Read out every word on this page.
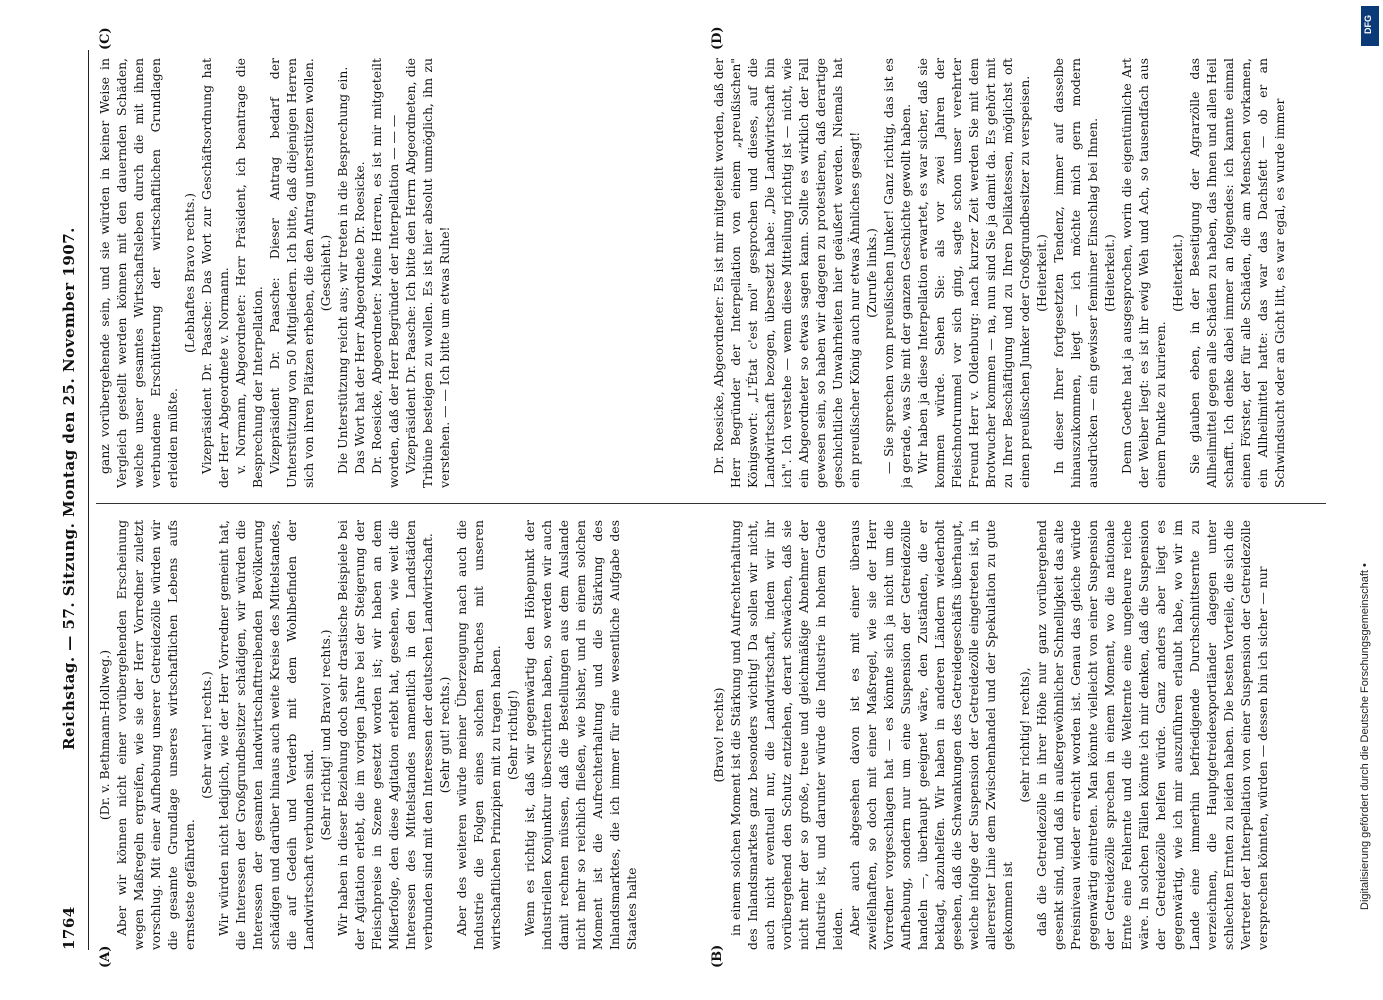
1764
Reichstag. — 57. Sitzung. Montag den 25. November 1907.
(A)	(B)
(C)	(D)

(Dr. v. Bethmann-Hollweg.) Aber wir können nicht einer vorübergehenden Erscheinung wegen Maßregeln ergreifen, wie sie der Herr Vorredner zuletzt vorschlug. Mit einer Aufhebung unserer Getreidezölle würden wir die gesamte Grundlage unseres wirtschaftlichen Lebens aufs ernsteste gefährden.

(Sehr wahr! rechts.) Wir würden nicht lediglich, wie der Herr Vorredner gemeint hat, die Interessen der Großgrundbesitzer schädigen, wir würden die Interessen der gesamten landwirtschafttreibenden Bevölkerung schädigen und darüber hinaus auch weite Kreise des Mittelstandes, die auf Gedeih und Verderb mit dem Wohlbefinden der Landwirtschaft verbunden sind.

(Sehr richtig! und Bravo! rechts.) Wir haben in dieser Beziehung doch sehr drastische Beispiele bei der Agitation erlebt, die im vorigen Jahre bei der Steigerung der Fleischpreise in Szene gesetzt worden ist; wir haben an dem Mißerfolge, den diese Agitation erlebt hat, gesehen, wie weit die Interessen des Mittelstandes namentlich in den Landstädten verbunden sind mit den Interessen der deutschen Landwirtschaft. (Sehr gut! rechts.) Aber des weiteren würde meiner Überzeugung nach auch die Industrie die Folgen eines solchen Bruches mit unseren wirtschaftlichen Prinzipien mit zu tragen haben. (Sehr richtig!) Wenn es richtig ist, daß wir gegenwärtig den Höhepunkt der industriellen Konjunktur überschritten haben, so werden wir auch damit rechnen müssen, daß die Bestellungen aus dem Auslande nicht mehr so reichlich fließen, wie bisher, und in einem solchen Moment ist die Aufrechterhaltung und die Stärkung des Inlandsmarktes, die ich immer für eine wesentliche Aufgabe des Staates halte

(Bravo! rechts) in einem solchen Moment ist die Stärkung und Aufrechterhaltung des Inlandsmarktes ganz besonders wichtig! Da sollen wir nicht, auch nicht eventuell nur, die Landwirtschaft, indem wir ihr vorübergehend den Schutz entziehen, derart schwächen, daß sie nicht mehr der so große, treue und gleichmäßige Abnehmer der Industrie ist, und darunter würde die Industrie in hohem Grade leiden. Aber auch abgesehen davon ist es mit einer überaus zweifelhaften, so doch mit einer Maßregel, wie sie der Herr Vorredner vorgeschlagen hat — es könnte sich ja nicht um die Aufhebung, sondern nur um eine Suspension der Getreidezölle handeln —, überhaupt geeignet wäre, den Zuständen, die er beklagt, abzuhelfen. Wir haben in anderen Ländern wiederholt gesehen, daß die Schwankungen des Getreidegeschäfts überhaupt, welche infolge der Suspension der Getreidezölle eingetreten ist, in allererster Linie dem Zwischenhandel und der Spekulation zu gute gekommen ist

(sehr richtig! rechts), daß die Getreidezölle in ihrer Höhe nur ganz vorübergehend gesenkt sind, und daß in außergewöhnlicher Schnelligkeit das alte Preisniveau wieder erreicht worden ist. Genau das gleiche würde gegenwärtig eintreten. Man könnte vielleicht von einer Suspension der Getreidezölle sprechen in einem Moment, wo die nationale Ernte eine Fehlernte und die Welternte eine ungeheure reiche wäre. In solchen Fällen könnte ich mir denken, daß die Suspension der Getreidezölle helfen würde. Ganz anders aber liegt es gegenwärtig, wie ich mir auszuführen erlaubt habe, wo wir im Lande eine immerhin befriedigende Durchschnittsernte zu verzeichnen, die Hauptgetreideexportländer dagegen unter schlechten Ernten zu leiden haben. Die besten Vorteile, die sich die Vertreter der Interpellation von einer Suspension der Getreidezölle versprechen könnten, würden — dessen bin ich sicher — nur

ganz vorübergehende sein, und sie würden in keiner Weise in Vergleich gestellt werden können mit den dauernden Schäden, welche unser gesamtes Wirtschaftsleben durch die mit ihnen verbundene Erschütterung der wirtschaftlichen Grundlagen erleiden müßte.

(Lebhaftes Bravo rechts.) Vizepräsident Dr. Paasche: Das Wort zur Geschäftsordnung hat der Herr Abgeordnete v. Normann. v. Normann, Abgeordneter: Herr Präsident, ich beantrage die Besprechung der Interpellation. Vizepräsident Dr. Paasche: Dieser Antrag bedarf der Unterstützung von 50 Mitgliedern. Ich bitte, daß diejenigen Herren sich von ihren Plätzen erheben, die den Antrag unterstützen wollen. (Geschieht.) Die Unterstützung reicht aus; wir treten in die Besprechung ein. Das Wort hat der Herr Abgeordnete Dr. Roesicke. Dr. Roesicke, Abgeordneter: Meine Herren, es ist mir mitgeteilt worden, daß der Herr Begründer der Interpellation — — — Vizepräsident Dr. Paasche: Ich bitte den Herrn Abgeordneten, die Tribüne besteigen zu wollen. Es ist hier absolut unmöglich, ihn zu verstehen. — — Ich bitte um etwas Ruhe!	Dr. Roesicke, Abgeordneter: Es ist mir mitgeteilt worden, daß der Herr Begründer der Interpellation von einem „preußischen" Königswort: „L'État c'est moi" gesprochen und dieses, auf die Landwirtschaft bezogen, übersetzt habe: „Die Landwirtschaft bin ich". Ich verstehe — wenn diese Mitteilung richtig ist — nicht, wie ein Abgeordneter so etwas sagen kann. Sollte es wirklich der Fall gewesen sein, so haben wir dagegen zu protestieren, daß derartige geschichtliche Unwahrheiten hier geäußert werden. Niemals hat ein preußischer König auch nur etwas Ähnliches gesagt! (Zurufe links.) — Sie sprechen vom preußischen Junker! Ganz richtig, das ist es ja gerade, was Sie mit der ganzen Geschichte gewollt haben. Wir haben ja diese Interpellation erwartet, es war sicher, daß sie kommen würde. Sehen Sie: als vor zwei Jahren der Fleischnotrummel vor sich ging, sagte schon unser verehrter Freund Herr v. Oldenburg: nach kurzer Zeit werden Sie mit dem Brotwucher kommen — na, nun sind Sie ja damit da. Es gehört mit zu Ihrer Beschäftigung und zu Ihren Delikatessen, möglichst oft einen preußischen Junker oder Großgrundbesitzer zu verspeisen. (Heiterkeit.) In dieser Ihrer fortgesetzten Tendenz, immer auf dasselbe hinauszukommen, liegt — ich möchte mich gern modern ausdrücken — ein gewisser femininer Einschlag bei Ihnen. (Heiterkeit.) Denn Goethe hat ja ausgesprochen, worin die eigentümliche Art der Weiber liegt: es ist ihr ewig Weh und Ach, so tausendfach aus einem Punkte zu kurieren.

(Heiterkeit.) Sie glauben eben, in der Beseitigung der Agrarzölle das Allheilmittel gegen alle Schäden zu haben, das Ihnen und allen Heil schafft. Ich denke dabei immer an folgendes: ich kannte einmal einen Förster, der für alle Schäden, die am Menschen vorkamen, ein Allheilmittel hatte: das war das Dachsfett — ob er an Schwindsucht oder an Gicht litt, es war egal, es wurde immer

DFG
Digitalisierung gefördert durch die Deutsche Forschungsgemeinschaft •
